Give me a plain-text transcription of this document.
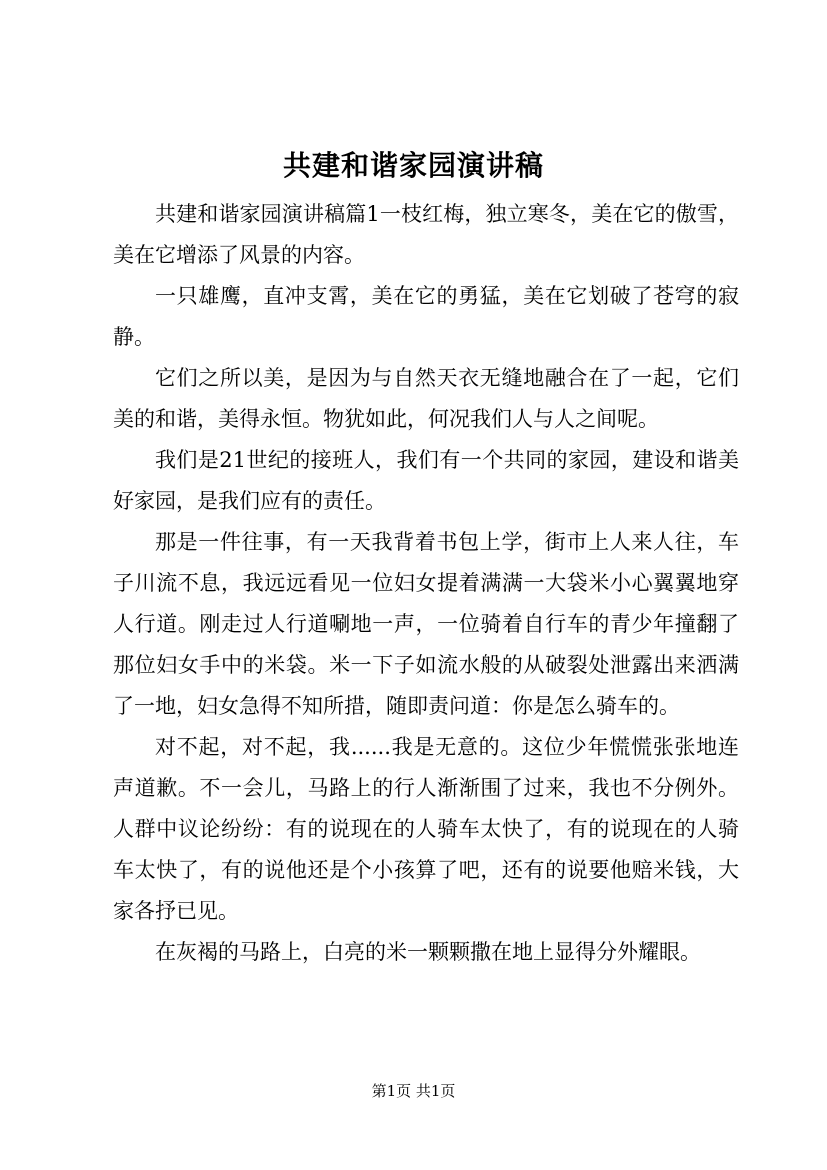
共建和谐家园演讲稿

共建和谐家园演讲稿篇1一枝红梅，独立寒冬，美在它的傲雪，美在它增添了风景的内容。

一只雄鹰，直冲支霄，美在它的勇猛，美在它划破了苍穹的寂静。

它们之所以美，是因为与自然天衣无缝地融合在了一起，它们美的和谐，美得永恒。物犹如此，何况我们人与人之间呢。

我们是21世纪的接班人，我们有一个共同的家园，建设和谐美好家园，是我们应有的责任。

那是一件往事，有一天我背着书包上学，街市上人来人往，车子川流不息，我远远看见一位妇女提着满满一大袋米小心翼翼地穿人行道。刚走过人行道唰地一声，一位骑着自行车的青少年撞翻了那位妇女手中的米袋。米一下子如流水般的从破裂处泄露出来洒满了一地，妇女急得不知所措，随即责问道：你是怎么骑车的。

对不起，对不起，我......我是无意的。这位少年慌慌张张地连声道歉。不一会儿，马路上的行人渐渐围了过来，我也不分例外。人群中议论纷纷：有的说现在的人骑车太快了，有的说现在的人骑车太快了，有的说他还是个小孩算了吧，还有的说要他赔米钱，大家各抒已见。

在灰褐的马路上，白亮的米一颗颗撒在地上显得分外耀眼。

第1页 共1页
